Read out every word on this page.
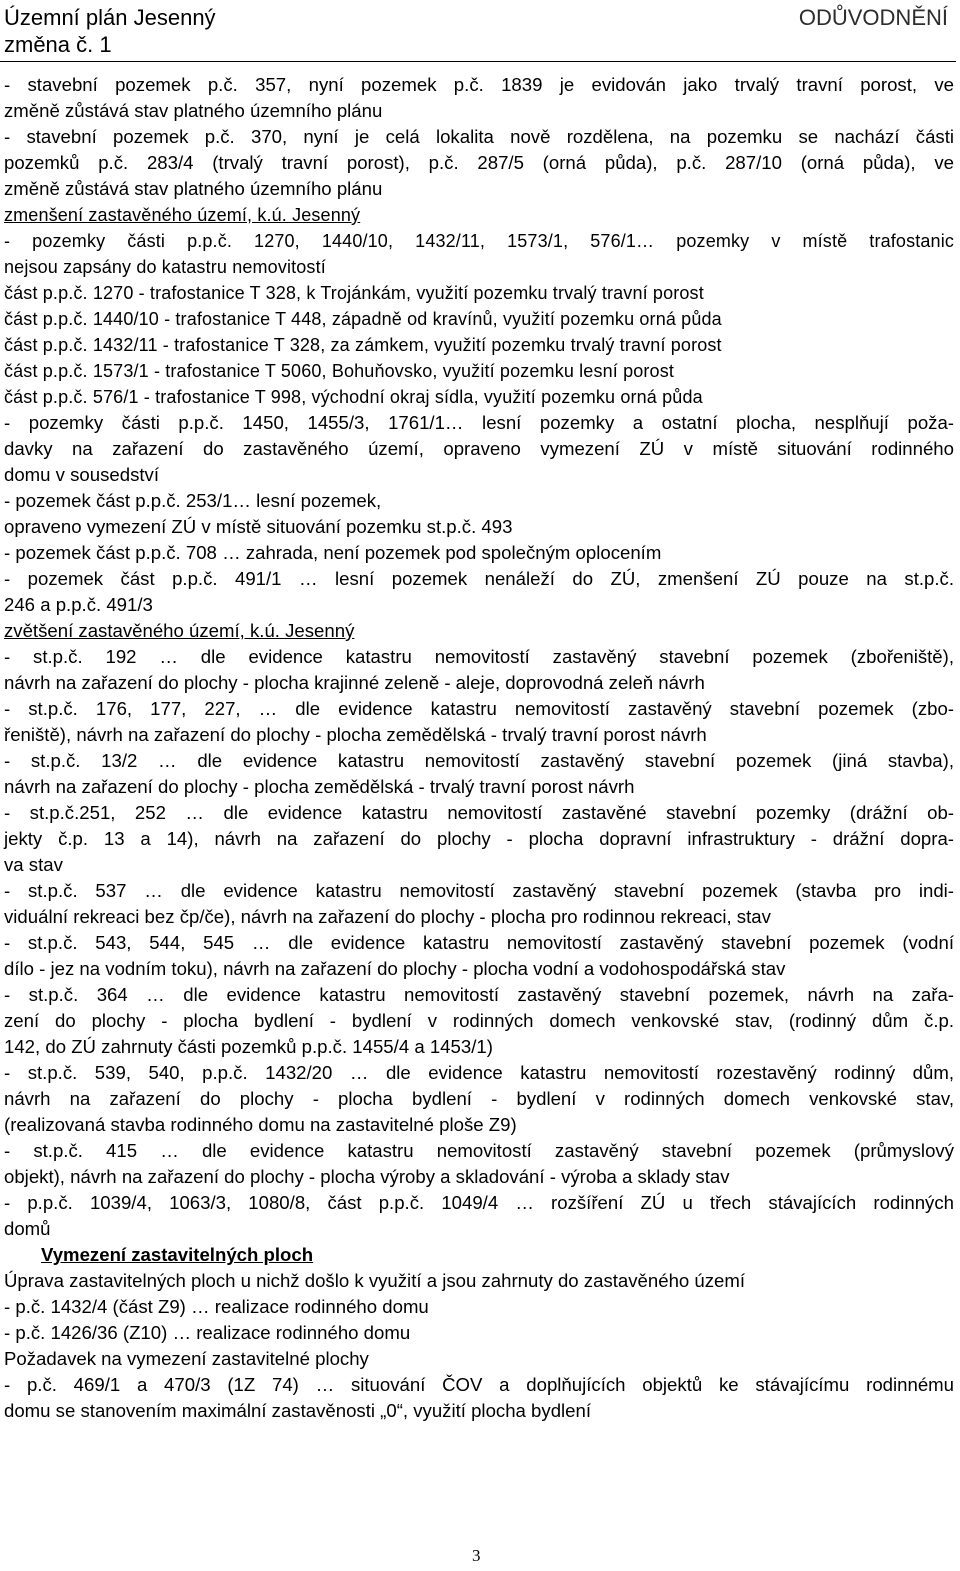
Územní plán Jesenný
změna č. 1
ODŮVODNĚNÍ
- stavební pozemek p.č. 357, nyní pozemek p.č. 1839 je evidován jako trvalý travní porost, ve
změně zůstává stav platného územního plánu
- stavební pozemek p.č. 370, nyní je celá lokalita nově rozdělena, na pozemku se nachází části
pozemků p.č. 283/4 (trvalý travní porost), p.č. 287/5 (orná půda), p.č. 287/10 (orná půda), ve
změně zůstává stav platného územního plánu
zmenšení zastavěného území, k.ú. Jesenný
- pozemky části p.p.č. 1270, 1440/10, 1432/11, 1573/1, 576/1… pozemky v místě trafostanic
nejsou zapsány do katastru nemovitostí
část p.p.č. 1270 - trafostanice T 328, k Trojánkám, využití pozemku trvalý travní porost
část p.p.č. 1440/10 - trafostanice T 448, západně od kravínů, využití pozemku orná půda
část p.p.č. 1432/11 - trafostanice T 328, za zámkem, využití pozemku trvalý travní porost
část p.p.č. 1573/1 - trafostanice T 5060, Bohuňovsko, využití pozemku lesní porost
část p.p.č. 576/1 - trafostanice T 998, východní okraj sídla, využití pozemku orná půda
- pozemky části p.p.č. 1450, 1455/3, 1761/1… lesní pozemky a ostatní plocha, nesplňují poža-
davky na zařazení do zastavěného území, opraveno vymezení ZÚ v místě situování rodinného
domu v sousedství
- pozemek část p.p.č. 253/1… lesní pozemek,
opraveno vymezení ZÚ v místě situování pozemku st.p.č. 493
- pozemek část p.p.č. 708 … zahrada, není pozemek pod společným oplocením
- pozemek část p.p.č. 491/1 … lesní pozemek nenáleží do ZÚ, zmenšení ZÚ pouze na st.p.č.
246 a p.p.č. 491/3
zvětšení zastavěného území, k.ú. Jesenný
- st.p.č. 192 … dle evidence katastru nemovitostí zastavěný stavební pozemek (zbořeniště),
návrh na zařazení do plochy - plocha krajinné zeleně - aleje, doprovodná zeleň návrh
- st.p.č. 176, 177, 227, … dle evidence katastru nemovitostí zastavěný stavební pozemek (zbo-
řeniště), návrh na zařazení do plochy - plocha zemědělská - trvalý travní porost návrh
- st.p.č. 13/2 … dle evidence katastru nemovitostí zastavěný stavební pozemek (jiná stavba),
návrh na zařazení do plochy - plocha zemědělská - trvalý travní porost návrh
- st.p.č.251, 252 … dle evidence katastru nemovitostí zastavěné stavební pozemky (drážní ob-
jekty č.p. 13 a 14), návrh na zařazení do plochy - plocha dopravní infrastruktury - drážní dopra-
va stav
- st.p.č. 537 … dle evidence katastru nemovitostí zastavěný stavební pozemek (stavba pro indi-
viduální rekreaci bez čp/če), návrh na zařazení do plochy - plocha pro rodinnou rekreaci, stav
- st.p.č. 543, 544, 545 … dle evidence katastru nemovitostí zastavěný stavební pozemek (vodní
dílo - jez na vodním toku), návrh na zařazení do plochy - plocha vodní a vodohospodářská stav
- st.p.č. 364 … dle evidence katastru nemovitostí zastavěný stavební pozemek, návrh na zařa-
zení do plochy - plocha bydlení - bydlení v rodinných domech venkovské stav, (rodinný dům č.p.
142, do ZÚ zahrnuty části pozemků p.p.č. 1455/4 a 1453/1)
- st.p.č. 539, 540, p.p.č. 1432/20 … dle evidence katastru nemovitostí rozestavěný rodinný dům,
návrh na zařazení do plochy - plocha bydlení - bydlení v rodinných domech venkovské stav,
(realizovaná stavba rodinného domu na zastavitelné ploše Z9)
- st.p.č. 415 … dle evidence katastru nemovitostí zastavěný stavební pozemek (průmyslový
objekt), návrh na zařazení do plochy - plocha výroby a skladování - výroba a sklady stav
- p.p.č. 1039/4, 1063/3, 1080/8, část p.p.č. 1049/4 … rozšíření ZÚ u třech stávajících rodinných
domů
Vymezení zastavitelných ploch
Úprava zastavitelných ploch u nichž došlo k využití a jsou zahrnuty do zastavěného území
- p.č. 1432/4 (část Z9) … realizace rodinného domu
- p.č. 1426/36 (Z10) … realizace rodinného domu
Požadavek na vymezení zastavitelné plochy
- p.č. 469/1 a 470/3 (1Z 74) … situování ČOV a doplňujících objektů ke stávajícímu rodinnému
domu se stanovením maximální zastavěnosti „0“, využití plocha bydlení
3
